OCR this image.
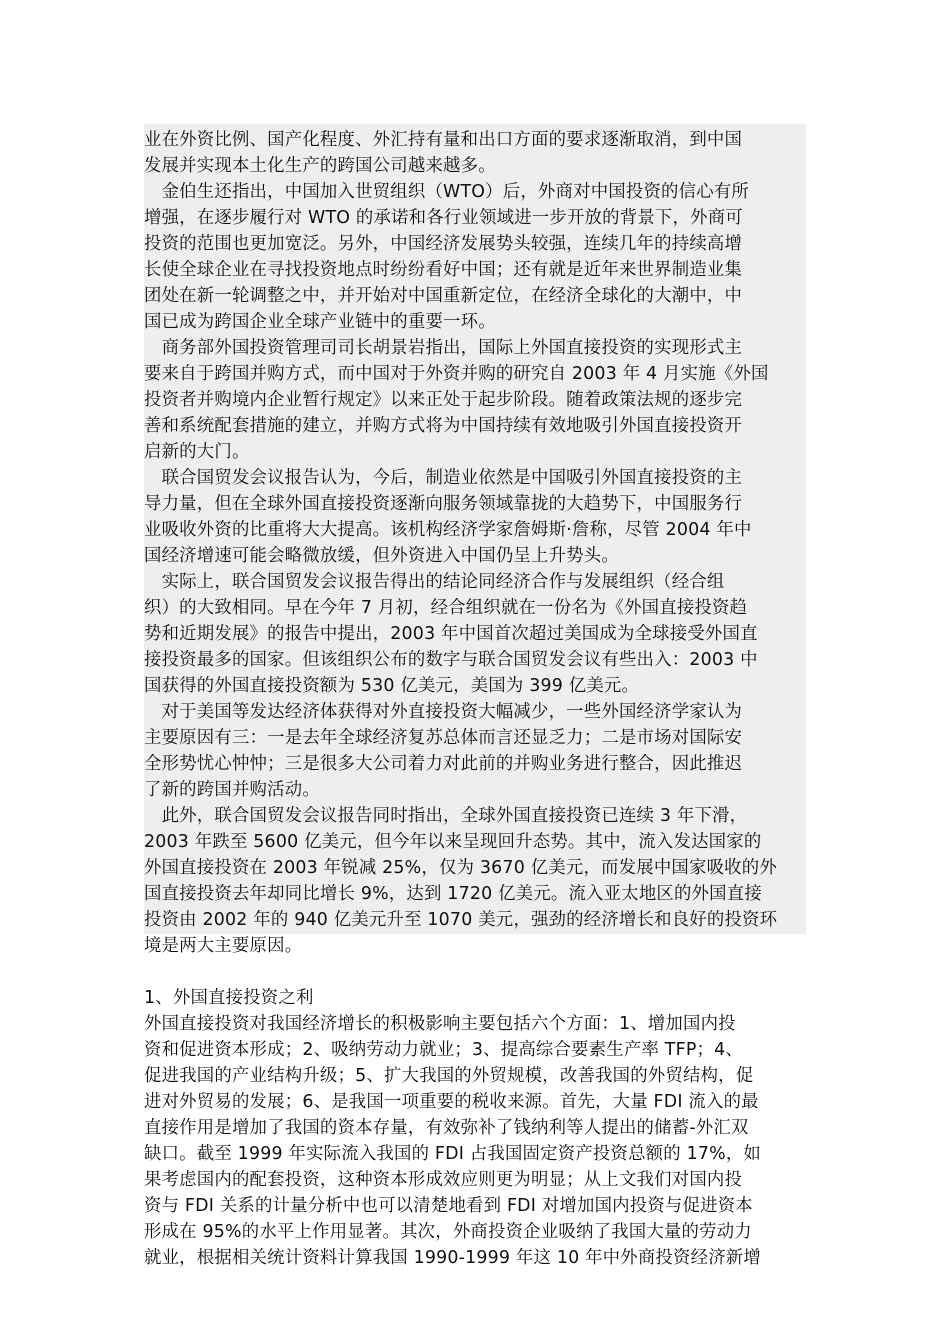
业在外资比例、国产化程度、外汇持有量和出口方面的要求逐渐取消，到中国
发展并实现本土化生产的跨国公司越来越多。
　金伯生还指出，中国加入世贸组织（WTO）后，外商对中国投资的信心有所
增强，在逐步履行对 WTO 的承诺和各行业领域进一步开放的背景下，外商可
投资的范围也更加宽泛。另外，中国经济发展势头较强，连续几年的持续高增
长使全球企业在寻找投资地点时纷纷看好中国；还有就是近年来世界制造业集
团处在新一轮调整之中，并开始对中国重新定位，在经济全球化的大潮中，中
国已成为跨国企业全球产业链中的重要一环。
　商务部外国投资管理司司长胡景岩指出，国际上外国直接投资的实现形式主
要来自于跨国并购方式，而中国对于外资并购的研究自 2003 年 4 月实施《外国
投资者并购境内企业暂行规定》以来正处于起步阶段。随着政策法规的逐步完
善和系统配套措施的建立，并购方式将为中国持续有效地吸引外国直接投资开
启新的大门。
　联合国贸发会议报告认为，今后，制造业依然是中国吸引外国直接投资的主
导力量，但在全球外国直接投资逐渐向服务领域靠拢的大趋势下，中国服务行
业吸收外资的比重将大大提高。该机构经济学家詹姆斯·詹称，尽管 2004 年中
国经济增速可能会略微放缓，但外资进入中国仍呈上升势头。
　实际上，联合国贸发会议报告得出的结论同经济合作与发展组织（经合组
织）的大致相同。早在今年 7 月初，经合组织就在一份名为《外国直接投资趋
势和近期发展》的报告中提出，2003 年中国首次超过美国成为全球接受外国直
接投资最多的国家。但该组织公布的数字与联合国贸发会议有些出入：2003 中
国获得的外国直接投资额为 530 亿美元，美国为 399 亿美元。
　对于美国等发达经济体获得对外直接投资大幅减少，一些外国经济学家认为
主要原因有三：一是去年全球经济复苏总体而言还显乏力；二是市场对国际安
全形势忧心忡忡；三是很多大公司着力对此前的并购业务进行整合，因此推迟
了新的跨国并购活动。
　此外，联合国贸发会议报告同时指出，全球外国直接投资已连续 3 年下滑，
2003 年跌至 5600 亿美元，但今年以来呈现回升态势。其中，流入发达国家的
外国直接投资在 2003 年锐减 25%，仅为 3670 亿美元，而发展中国家吸收的外
国直接投资去年却同比增长 9%，达到 1720 亿美元。流入亚太地区的外国直接
投资由 2002 年的 940 亿美元升至 1070 美元，强劲的经济增长和良好的投资环
境是两大主要原因。
1、外国直接投资之利
外国直接投资对我国经济增长的积极影响主要包括六个方面：1、增加国内投
资和促进资本形成；2、吸纳劳动力就业；3、提高综合要素生产率 TFP；4、
促进我国的产业结构升级；5、扩大我国的外贸规模，改善我国的外贸结构，促
进对外贸易的发展；6、是我国一项重要的税收来源。首先，大量 FDI 流入的最
直接作用是增加了我国的资本存量，有效弥补了钱纳利等人提出的储蓄-外汇双
缺口。截至 1999 年实际流入我国的 FDI 占我国固定资产投资总额的 17%，如
果考虑国内的配套投资，这种资本形成效应则更为明显；从上文我们对国内投
资与 FDI 关系的计量分析中也可以清楚地看到 FDI 对增加国内投资与促进资本
形成在 95%的水平上作用显著。其次，外商投资企业吸纳了我国大量的劳动力
就业，根据相关统计资料计算我国 1990-1999 年这 10 年中外商投资经济新增
